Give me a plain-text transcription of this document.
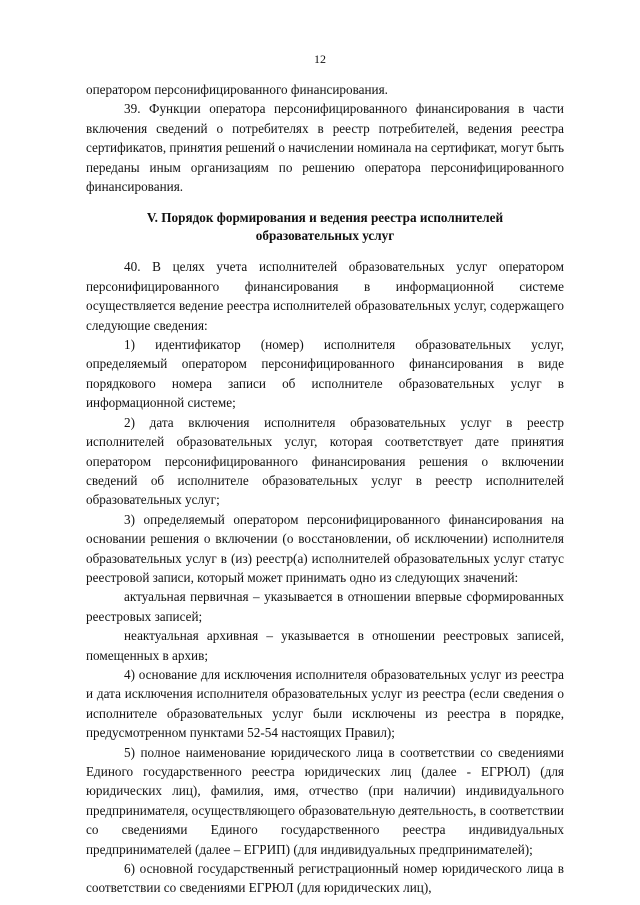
12

оператором персонифицированного финансирования.

39. Функции оператора персонифицированного финансирования в части включения сведений о потребителях в реестр потребителей, ведения реестра сертификатов, принятия решений о начислении номинала на сертификат, могут быть переданы иным организациям по решению оператора персонифицированного финансирования.

V. Порядок формирования и ведения реестра исполнителей
образовательных услуг

40. В целях учета исполнителей образовательных услуг оператором персонифицированного финансирования в информационной системе осуществляется ведение реестра исполнителей образовательных услуг, содержащего следующие сведения:

1) идентификатор (номер) исполнителя образовательных услуг, определяемый оператором персонифицированного финансирования в виде порядкового номера записи об исполнителе образовательных услуг в информационной системе;

2) дата включения исполнителя образовательных услуг в реестр исполнителей образовательных услуг, которая соответствует дате принятия оператором персонифицированного финансирования решения о включении сведений об исполнителе образовательных услуг в реестр исполнителей образовательных услуг;

3) определяемый оператором персонифицированного финансирования на основании решения о включении (о восстановлении, об исключении) исполнителя образовательных услуг в (из) реестр(а) исполнителей образовательных услуг статус реестровой записи, который может принимать одно из следующих значений:

актуальная первичная – указывается в отношении впервые сформированных реестровых записей;

неактуальная архивная – указывается в отношении реестровых записей, помещенных в архив;

4) основание для исключения исполнителя образовательных услуг из реестра и дата исключения исполнителя образовательных услуг из реестра (если сведения о исполнителе образовательных услуг были исключены из реестра в порядке, предусмотренном пунктами 52-54 настоящих Правил);

5) полное наименование юридического лица в соответствии со сведениями Единого государственного реестра юридических лиц (далее - ЕГРЮЛ) (для юридических лиц), фамилия, имя, отчество (при наличии) индивидуального предпринимателя, осуществляющего образовательную деятельность, в соответствии со сведениями Единого государственного реестра индивидуальных предпринимателей (далее – ЕГРИП) (для индивидуальных предпринимателей);

6) основной государственный регистрационный номер юридического лица в соответствии со сведениями ЕГРЮЛ (для юридических лиц),
